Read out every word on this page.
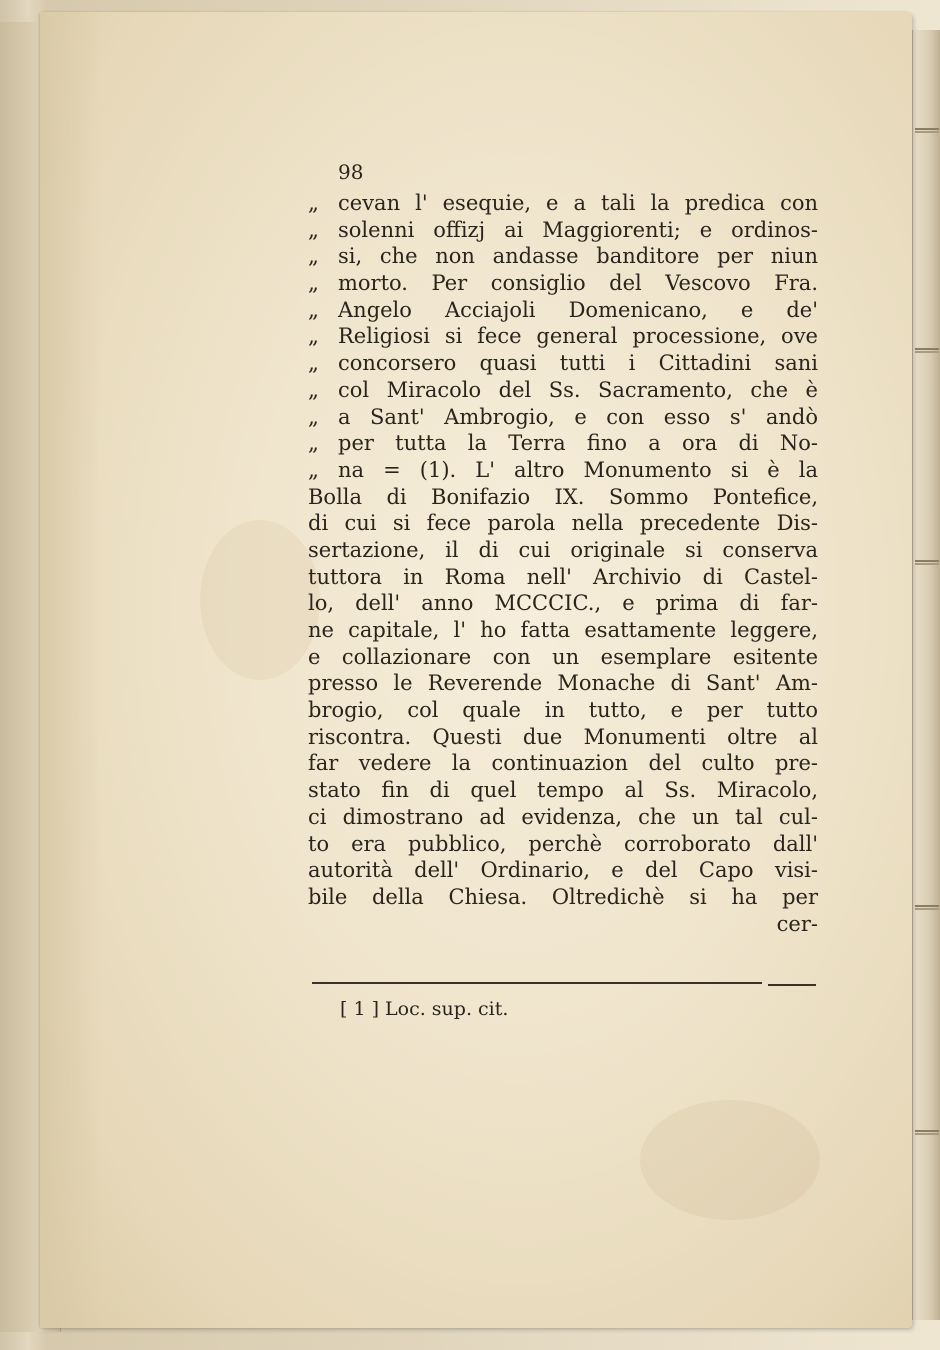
98
„ cevan l' esequie, e a tali la predica con
„ solenni offizj ai Maggiorenti; e ordinos-
„ si, che non andasse banditore per niun
„ morto. Per consiglio del Vescovo Fra.
„ Angelo Acciajoli Domenicano, e de'
„ Religiosi si fece general processione, ove
„ concorsero quasi tutti i Cittadini sani
„ col Miracolo del Ss. Sacramento, che è
„ a Sant' Ambrogio, e con esso s' andò
„ per tutta la Terra fino a ora di No-
„ na = (1). L' altro Monumento si è la
Bolla di Bonifazio IX. Sommo Pontefice,
di cui si fece parola nella precedente Dis-
sertazione, il di cui originale si conserva
tuttora in Roma nell' Archivio di Castel-
lo, dell' anno MCCCIC., e prima di far-
ne capitale, l' ho fatta esattamente leggere,
e collazionare con un esemplare esitente
presso le Reverende Monache di Sant' Am-
brogio, col quale in tutto, e per tutto
riscontra. Questi due Monumenti oltre al
far vedere la continuazion del culto pre-
stato fin di quel tempo al Ss. Miracolo,
ci dimostrano ad evidenza, che un tal cul-
to era pubblico, perchè corroborato dall'
autorità dell' Ordinario, e del Capo visi-
bile della Chiesa. Oltredichè si ha per
cer-
[ 1 ] Loc. sup. cit.
